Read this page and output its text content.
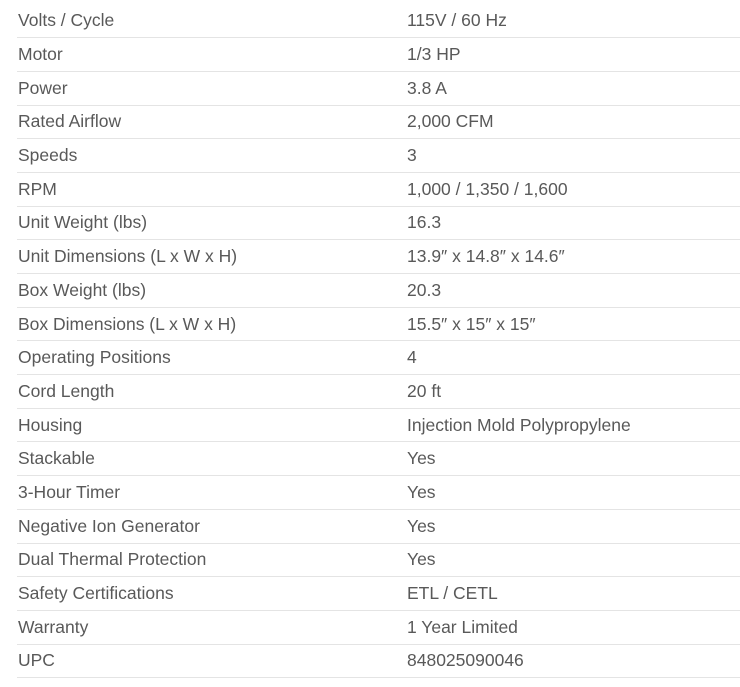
Volts / Cycle	115V / 60 Hz
Motor	1/3 HP
Power	3.8 A
Rated Airflow	2,000 CFM
Speeds	3
RPM	1,000 / 1,350 / 1,600
Unit Weight (lbs)	16.3
Unit Dimensions (L x W x H)	13.9″ x 14.8″ x 14.6″
Box Weight (lbs)	20.3
Box Dimensions (L x W x H)	15.5″ x 15″ x 15″
Operating Positions	4
Cord Length	20 ft
Housing	Injection Mold Polypropylene
Stackable	Yes
3-Hour Timer	Yes
Negative Ion Generator	Yes
Dual Thermal Protection	Yes
Safety Certifications	ETL / CETL
Warranty	1 Year Limited
UPC	848025090046
